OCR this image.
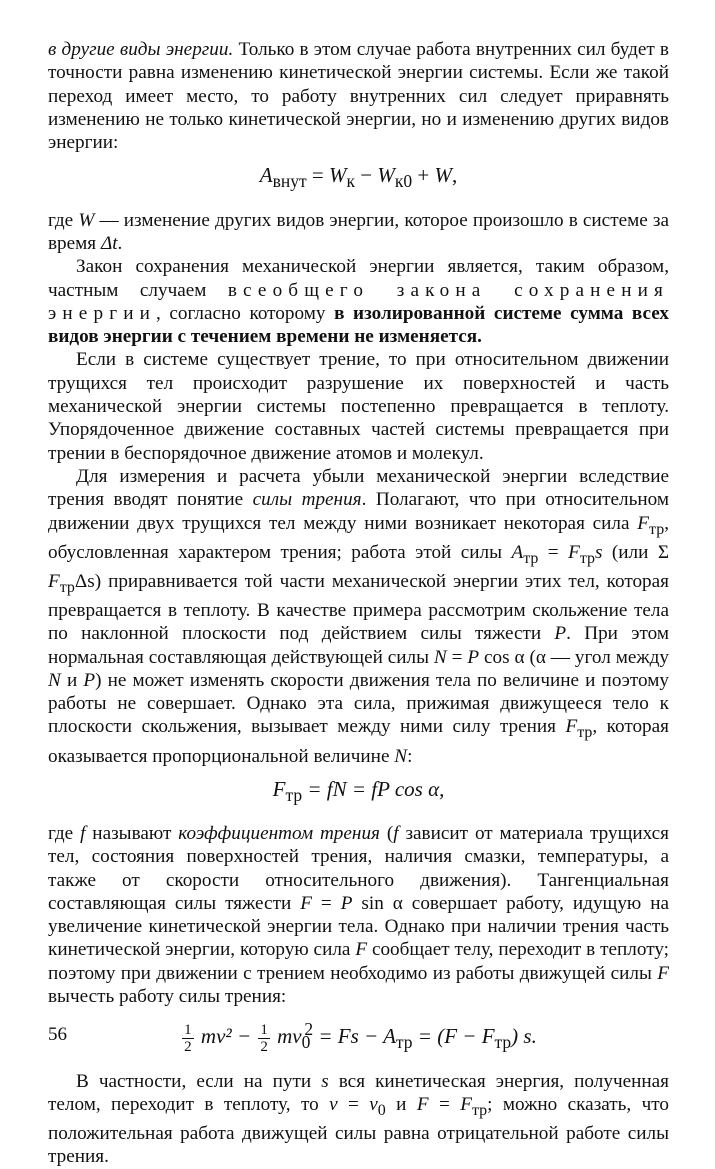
в другие виды энергии. Только в этом случае работа внутренних сил будет в точности равна изменению кинетической энергии системы. Если же такой переход имеет место, то работу внутренних сил следует приравнять изменению не только кинетической энергии, но и изменению других видов энергии:

$A_{внут} = W_к - W_{к0} + W$,

где W — изменение других видов энергии, которое произошло в системе за время Δt.

Закон сохранения механической энергии является, таким образом, частным случаем всеобщего закона сохранения энергии, согласно которому в изолированной системе сумма всех видов энергии с течением времени не изменяется.

Если в системе существует трение, то при относительном движении трущихся тел происходит разрушение их поверхностей и часть механической энергии системы постепенно превращается в теплоту. Упорядоченное движение составных частей системы превращается при трении в беспорядочное движение атомов и молекул.

Для измерения и расчета убыли механической энергии вследствие трения вводят понятие силы трения. Полагают, что при относительном движении двух трущихся тел между ними возникает некоторая сила $F_{тр}$, обусловленная характером трения; работа этой силы $A_{тр} = F_{тр}s$ (или Σ $F_{тр}\Delta s$) приравнивается той части механической энергии этих тел, которая превращается в теплоту. В качестве примера рассмотрим скольжение тела по наклонной плоскости под действием силы тяжести P. При этом нормальная составляющая действующей силы N = P cos α (α — угол между N и P) не может изменять скорости движения тела по величине и поэтому работы не совершает. Однако эта сила, прижимая движущееся тело к плоскости скольжения, вызывает между ними силу трения $F_{тр}$, которая оказывается пропорциональной величине N:

$F_{тр}$ = fN = fP cos α,

где f называют коэффициентом трения (f зависит от материала трущихся тел, состояния поверхностей трения, наличия смазки, температуры, а также от скорости относительного движения). Тангенциальная составляющая силы тяжести F = P sin α совершает работу, идущую на увеличение кинетической энергии тела. Однако при наличии трения часть кинетической энергии, которую сила F сообщает телу, переходит в теплоту; поэтому при движении с трением необходимо из работы движущей силы F вычесть работу силы трения:

$\frac{1}{2} mv^2 - \frac{1}{2} mv_0^2 = Fs - A_{тр} = (F - F_{тр})$ s.

В частности, если на пути s вся кинетическая энергия, полученная телом, переходит в теплоту, то $v = v_0$ и $F = F_{тр}$; можно сказать, что положительная работа движущей силы равна отрицательной работе силы трения.

56
